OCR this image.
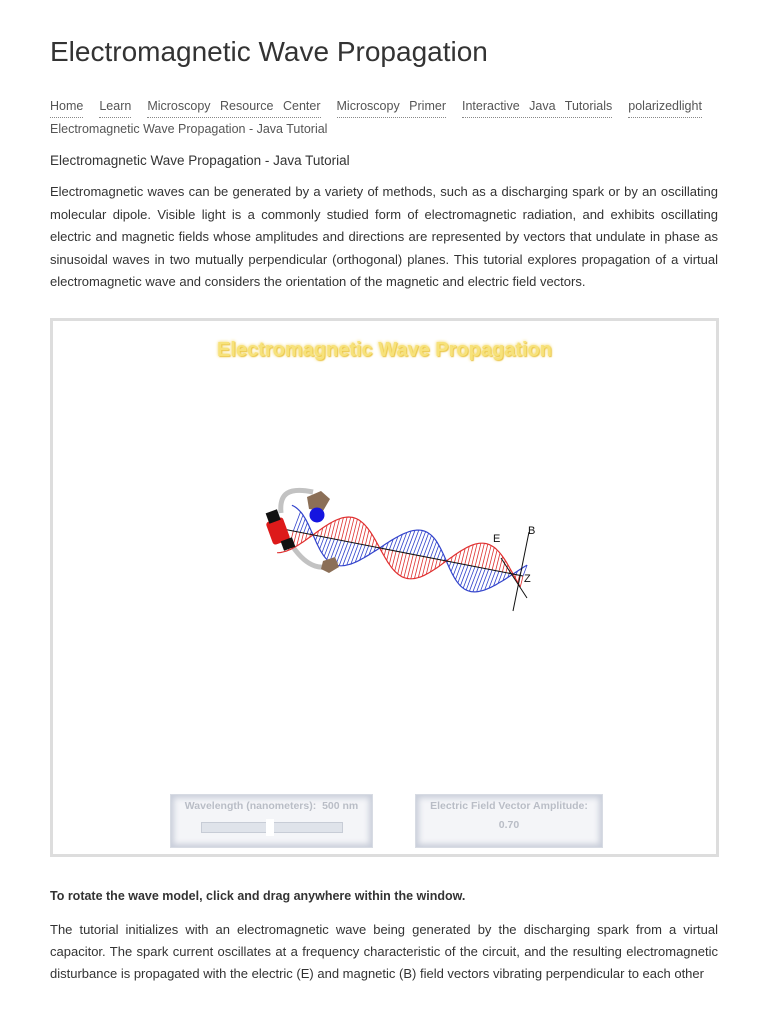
Electromagnetic Wave Propagation
Home Learn Microscopy Resource Center Microscopy Primer Interactive Java Tutorials polarizedlight
Electromagnetic Wave Propagation - Java Tutorial
Electromagnetic Wave Propagation - Java Tutorial

Electromagnetic waves can be generated by a variety of methods, such as a discharging spark or by an oscillating molecular dipole. Visible light is a commonly studied form of electromagnetic radiation, and exhibits oscillating electric and magnetic fields whose amplitudes and directions are represented by vectors that undulate in phase as sinusoidal waves in two mutually perpendicular (orthogonal) planes. This tutorial explores propagation of a virtual electromagnetic wave and considers the orientation of the magnetic and electric field vectors.

Electromagnetic Wave Propagation
E
B
Z
Wavelength (nanometers): 500 nm	Electric Field Vector Amplitude:
0.70
To rotate the wave model, click and drag anywhere within the window.

The tutorial initializes with an electromagnetic wave being generated by the discharging spark from a virtual capacitor. The spark current oscillates at a frequency characteristic of the circuit, and the resulting electromagnetic disturbance is propagated with the electric (E) and magnetic (B) field vectors vibrating perpendicular to each other
